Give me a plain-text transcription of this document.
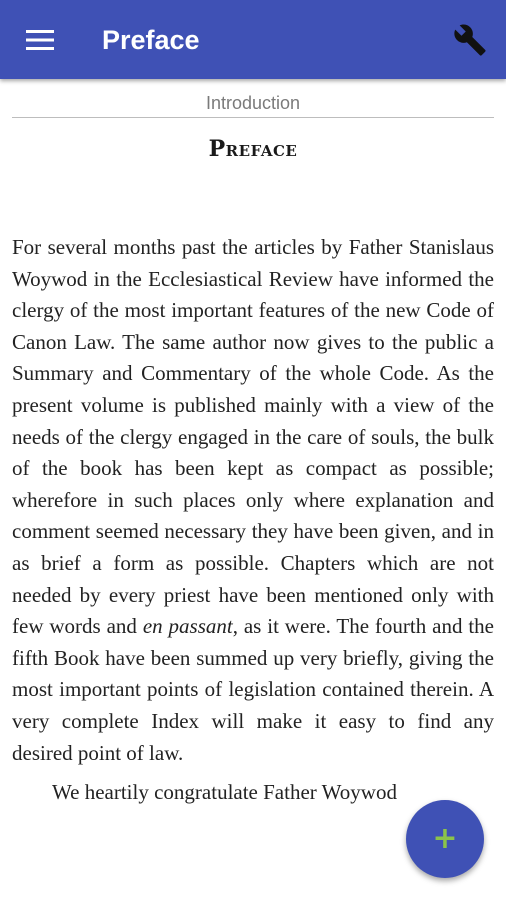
Preface
Introduction
Preface

For several months past the articles by Father Stanislaus Woywod in the Ecclesiastical Review have informed the clergy of the most important features of the new Code of Canon Law. The same author now gives to the public a Summary and Commentary of the whole Code. As the present volume is published mainly with a view of the needs of the clergy engaged in the care of souls, the bulk of the book has been kept as compact as possible; wherefore in such places only where explanation and comment seemed necessary they have been given, and in as brief a form as possible. Chapters which are not needed by every priest have been mentioned only with few words and en passant, as it were. The fourth and the fifth Book have been summed up very briefly, giving the most important points of legislation contained therein. A very complete Index will make it easy to find any desired point of law.

We heartily congratulate Father Woywod

+
